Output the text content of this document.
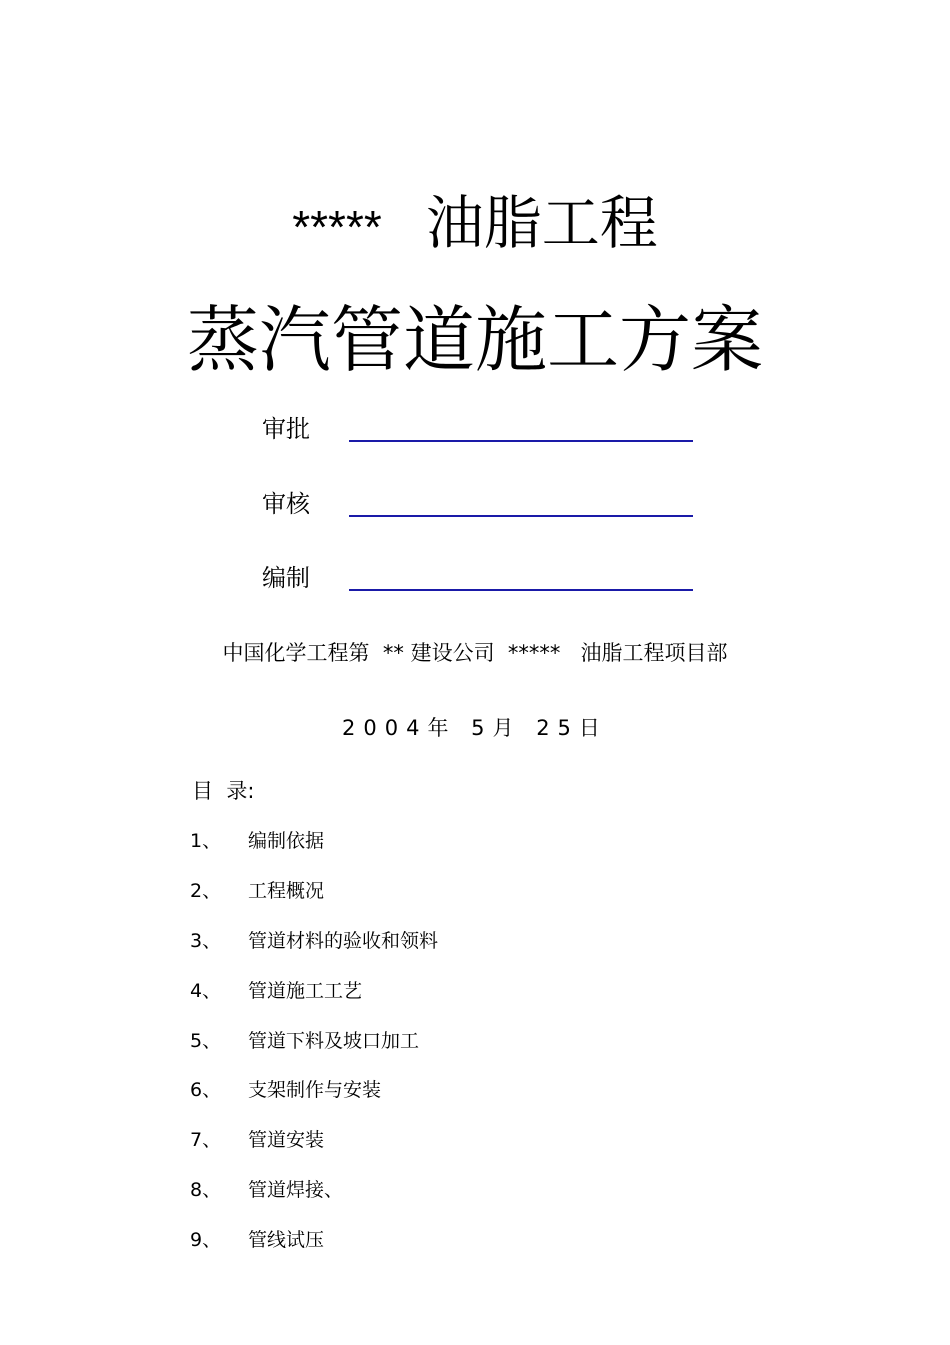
***** 油脂工程
蒸汽管道施工方案
审批
审核
编制
中国化学工程第  ** 建设公司  *****   油脂工程项目部
2004年 5月 25日
目  录:
1、 编制依据
2、 工程概况
3、 管道材料的验收和领料
4、 管道施工工艺
5、 管道下料及坡口加工
6、 支架制作与安装
7、 管道安装
8、 管道焊接、
9、 管线试压
